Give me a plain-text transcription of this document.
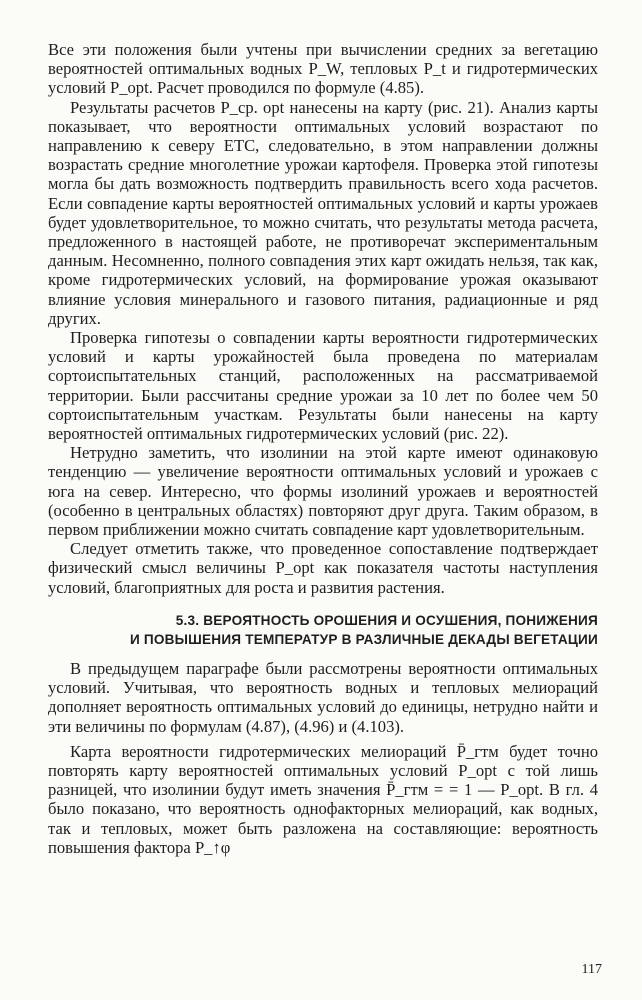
Все эти положения были учтены при вычислении средних за вегетацию вероятностей оптимальных водных P_W, тепловых P_t и гидротермических условий P_opt. Расчет проводился по формуле (4.85).

Результаты расчетов P_ср. opt нанесены на карту (рис. 21). Анализ карты показывает, что вероятности оптимальных условий возрастают по направлению к северу ЕТС, следовательно, в этом направлении должны возрастать средние многолетние урожаи картофеля. Проверка этой гипотезы могла бы дать возможность подтвердить правильность всего хода расчетов. Если совпадение карты вероятностей оптимальных условий и карты урожаев будет удовлетворительное, то можно считать, что результаты метода расчета, предложенного в настоящей работе, не противоречат экспериментальным данным. Несомненно, полного совпадения этих карт ожидать нельзя, так как, кроме гидротермических условий, на формирование урожая оказывают влияние условия минерального и газового питания, радиационные и ряд других.

Проверка гипотезы о совпадении карты вероятности гидротермических условий и карты урожайностей была проведена по материалам сортоиспытательных станций, расположенных на рассматриваемой территории. Были рассчитаны средние урожаи за 10 лет по более чем 50 сортоиспытательным участкам. Результаты были нанесены на карту вероятностей оптимальных гидротермических условий (рис. 22).

Нетрудно заметить, что изолинии на этой карте имеют одинаковую тенденцию — увеличение вероятности оптимальных условий и урожаев с юга на север. Интересно, что формы изолиний урожаев и вероятностей (особенно в центральных областях) повторяют друг друга. Таким образом, в первом приближении можно считать совпадение карт удовлетворительным.

Следует отметить также, что проведенное сопоставление подтверждает физический смысл величины P_opt как показателя частоты наступления условий, благоприятных для роста и развития растения.

5.3. ВЕРОЯТНОСТЬ ОРОШЕНИЯ И ОСУШЕНИЯ, ПОНИЖЕНИЯ
И ПОВЫШЕНИЯ ТЕМПЕРАТУР В РАЗЛИЧНЫЕ ДЕКАДЫ ВЕГЕТАЦИИ

В предыдущем параграфе были рассмотрены вероятности оптимальных условий. Учитывая, что вероятность водных и тепловых мелиораций дополняет вероятность оптимальных условий до единицы, нетрудно найти и эти величины по формулам (4.87), (4.96) и (4.103).

Карта вероятности гидротермических мелиораций P̄_гтм будет точно повторять карту вероятностей оптимальных условий P_opt с той лишь разницей, что изолинии будут иметь значения P̄_гтм = = 1 — P_opt. В гл. 4 было показано, что вероятность однофакторных мелиораций, как водных, так и тепловых, может быть разложена на составляющие: вероятность повышения фактора P_↑φ

117
